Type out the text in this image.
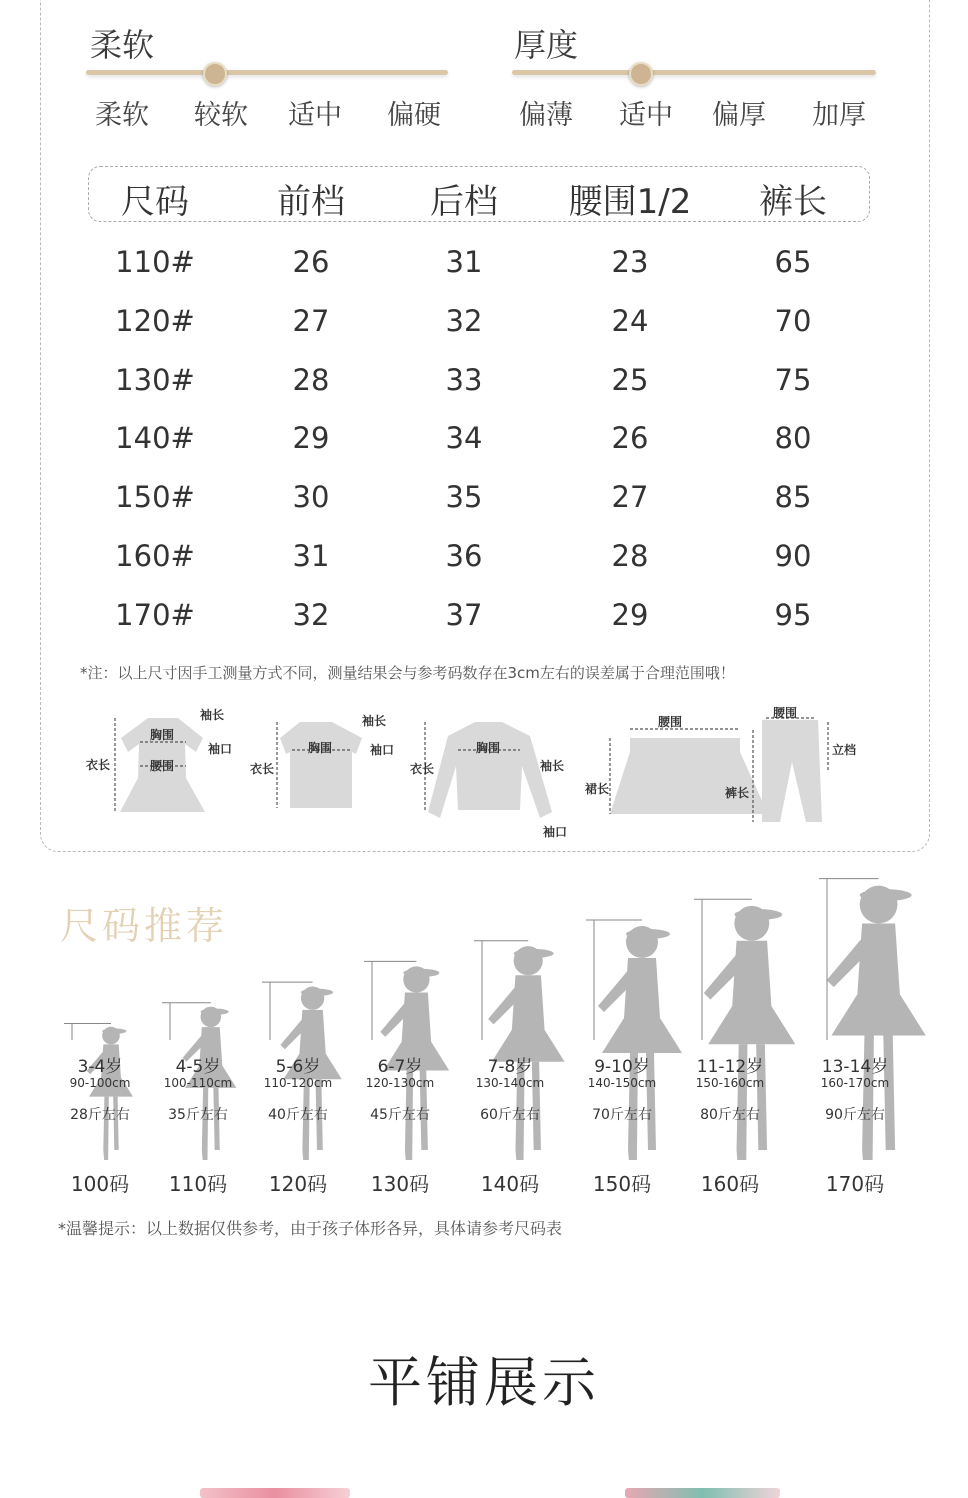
柔软
柔软 较软 适中 偏硬
厚度
偏薄 适中 偏厚 加厚
尺码	前档	后档	腰围1/2	裤长
110#	26	31	23	65
120#	27	32	24	70
130#	28	33	25	75
140#	29	34	26	80
150#	30	35	27	85
160#	31	36	28	90
170#	32	37	29	95
*注：以上尺寸因手工测量方式不同，测量结果会与参考码数存在3cm左右的误差属于合理范围哦！
袖长
胸围
袖口
衣长	腰围
袖长
胸围	袖口
衣长
胸围
袖长
衣长
袖口
腰围
裙长
腰围
立档
裤长
尺码推荐
3-4岁
90-100cm
28斤左右
100码
4-5岁
100-110cm
35斤左右
110码
5-6岁
110-120cm
40斤左右
120码
6-7岁
120-130cm
45斤左右
130码
7-8岁
130-140cm
60斤左右
140码
9-10岁
140-150cm
70斤左右
150码
11-12岁
150-160cm
80斤左右
160码
13-14岁
160-170cm
90斤左右
170码
*温馨提示：以上数据仅供参考，由于孩子体形各异，具体请参考尺码表
平铺展示
